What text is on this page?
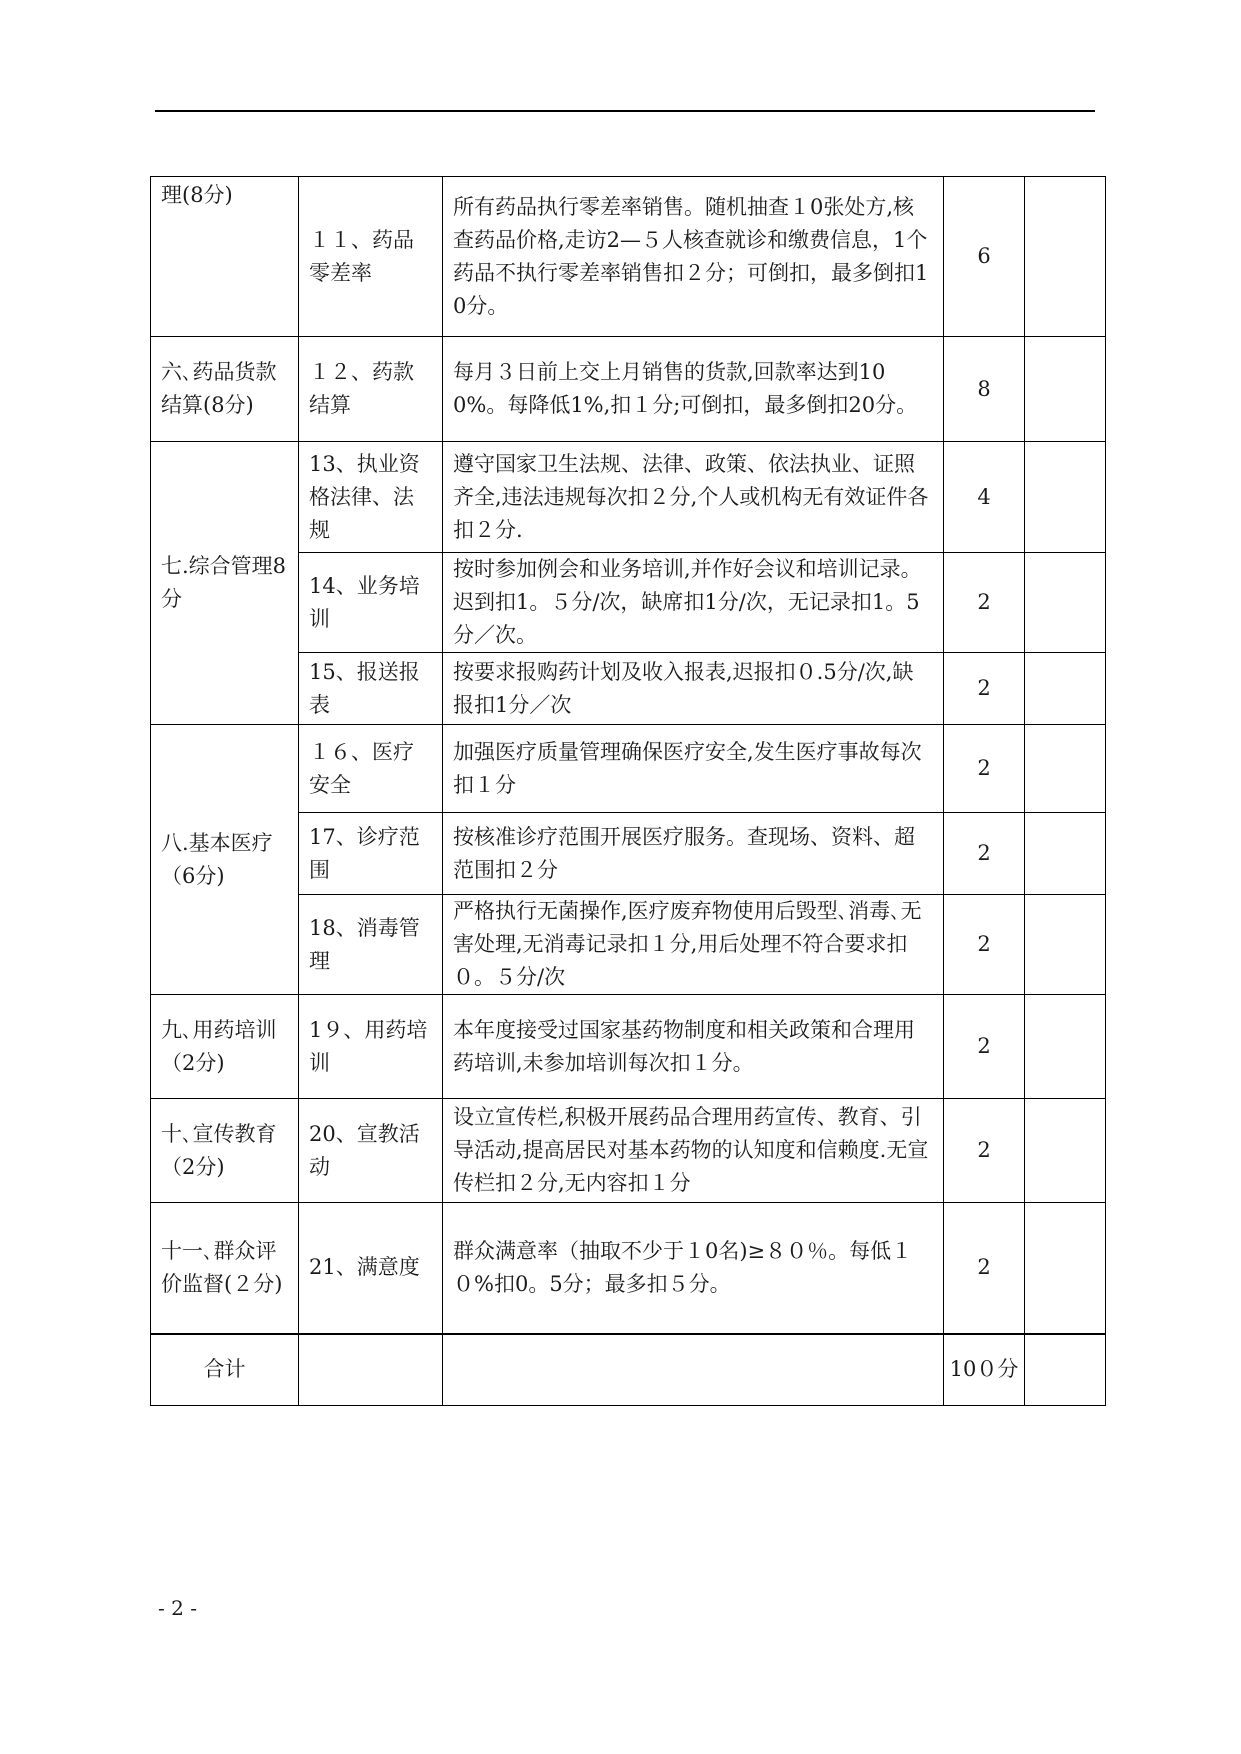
理(8分)	１１、药品零差率	所有药品执行零差率销售。随机抽查１0张处方,核查药品价格,走访2—５人核查就诊和缴费信息，1个药品不执行零差率销售扣２分；可倒扣，最多倒扣10分。	6	
六､药品货款结算(8分)	１２、药款结算	每月３日前上交上月销售的货款,回款率达到100%。每降低1%,扣１分;可倒扣，最多倒扣20分。	8	
七.综合管理8分	13、执业资格法律、法规	遵守国家卫生法规、法律、政策、依法执业、证照齐全,违法违规每次扣２分,个人或机构无有效证件各扣２分.	4	
	14、业务培训	按时参加例会和业务培训,并作好会议和培训记录。迟到扣1。５分/次，缺席扣1分/次，无记录扣1。5分／次。	2	
	15、报送报表	按要求报购药计划及收入报表,迟报扣０.5分/次,缺报扣1分／次	2	
八.基本医疗（6分)	１６、医疗安全	加强医疗质量管理确保医疗安全,发生医疗事故每次扣１分	2	
	17、诊疗范围	按核准诊疗范围开展医疗服务。查现场、资料、超范围扣２分	2	
	18、消毒管理	严格执行无菌操作,医疗废弃物使用后毁型､消毒､无害处理,无消毒记录扣１分,用后处理不符合要求扣０。５分/次	2	
九､用药培训（2分)	1９、用药培训	本年度接受过国家基药物制度和相关政策和合理用药培训,未参加培训每次扣１分。	2	
十､宣传教育（2分)	20、宣教活动	设立宣传栏,积极开展药品合理用药宣传、教育、引导活动,提高居民对基本药物的认知度和信赖度.无宣传栏扣２分,无内容扣１分	2	
十一､群众评价监督(２分)	21、满意度	群众满意率（抽取不少于１0名)≥８０％。每低１０%扣0。5分；最多扣５分。	2	
合计			10０分	
- 2 -
